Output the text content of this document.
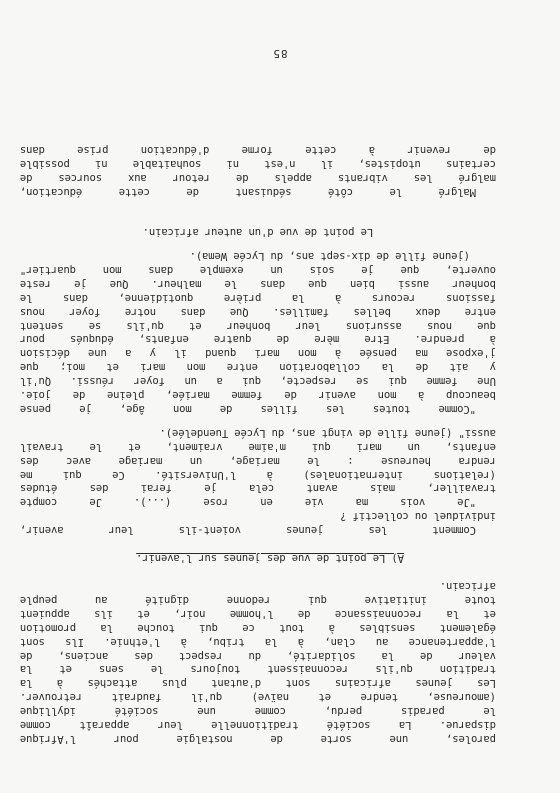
paroles, une sorte de nostalgie pour l'Afrique
disparue. La société traditionnelle leur apparaît comme
le paradis perdu, comme une société idyllique
(amoureuse, tendre et naïve) qu'il faudrait retrouver.
Les jeunes africains sont d'autant plus attachés à la
tradition qu'ils reconnaissent toujours le sens et la
valeur de la solidarité, du respect des anciens, de
l'appartenance au clan, à la tribu, à l'ethnie. Ils sont
également sensibles à tout ce qui touche la promotion
et la reconnaissance de l'homme noir, et ils appuient
toute initiative qui redonne dignité au peuple
africain.
A) Le point de vue des jeunes sur l'avenir.
Comment les jeunes voient-ils leur avenir,
individuel ou collectif ?
"Je vois ma vie en rose (...). Je compte
travailler, mais avant cela je ferai des études
(relations internationales) à l'Université. Ce qui me
rendra heureuse : le mariage, un mariage avec des
enfants, un mari qui m'aime vraiment, et le travail
aussi" (jeune fille de vingt ans, du Lycée Tuendelée).
"Comme toutes les filles de mon âge, je pense
beaucoup à mon avenir de femme mariée, pleine de joie.
Une femme qui se respecte, qui a un foyer réussi. Qu'il
y ait de la collaboration entre mon mari et moi; que
j'expose ma pensée à mon mari quand il y a une décision
à prendre. Etre mère de quatre enfants, éduqués pour
que nous assurions leur bonheur et qu'ils se sentent
entre deux belles familles. Que dans notre foyer nous
fassions recours à la prière quotidienne, dans le
bonheur aussi bien que dans le malheur. Que je reste
ouverte, que je sois un exemple dans mon quartier"
(jeune fille de dix-sept ans, du Lycée Wema).
Le point de vue d'un auteur africain.
Malgré le côté séduisant de cette éducation,
malgré les vibrants appels de retour aux sources de
certains utopistes, il n'est ni souhaitable ni possible
de revenir à cette forme d'éducation prise dans
85
